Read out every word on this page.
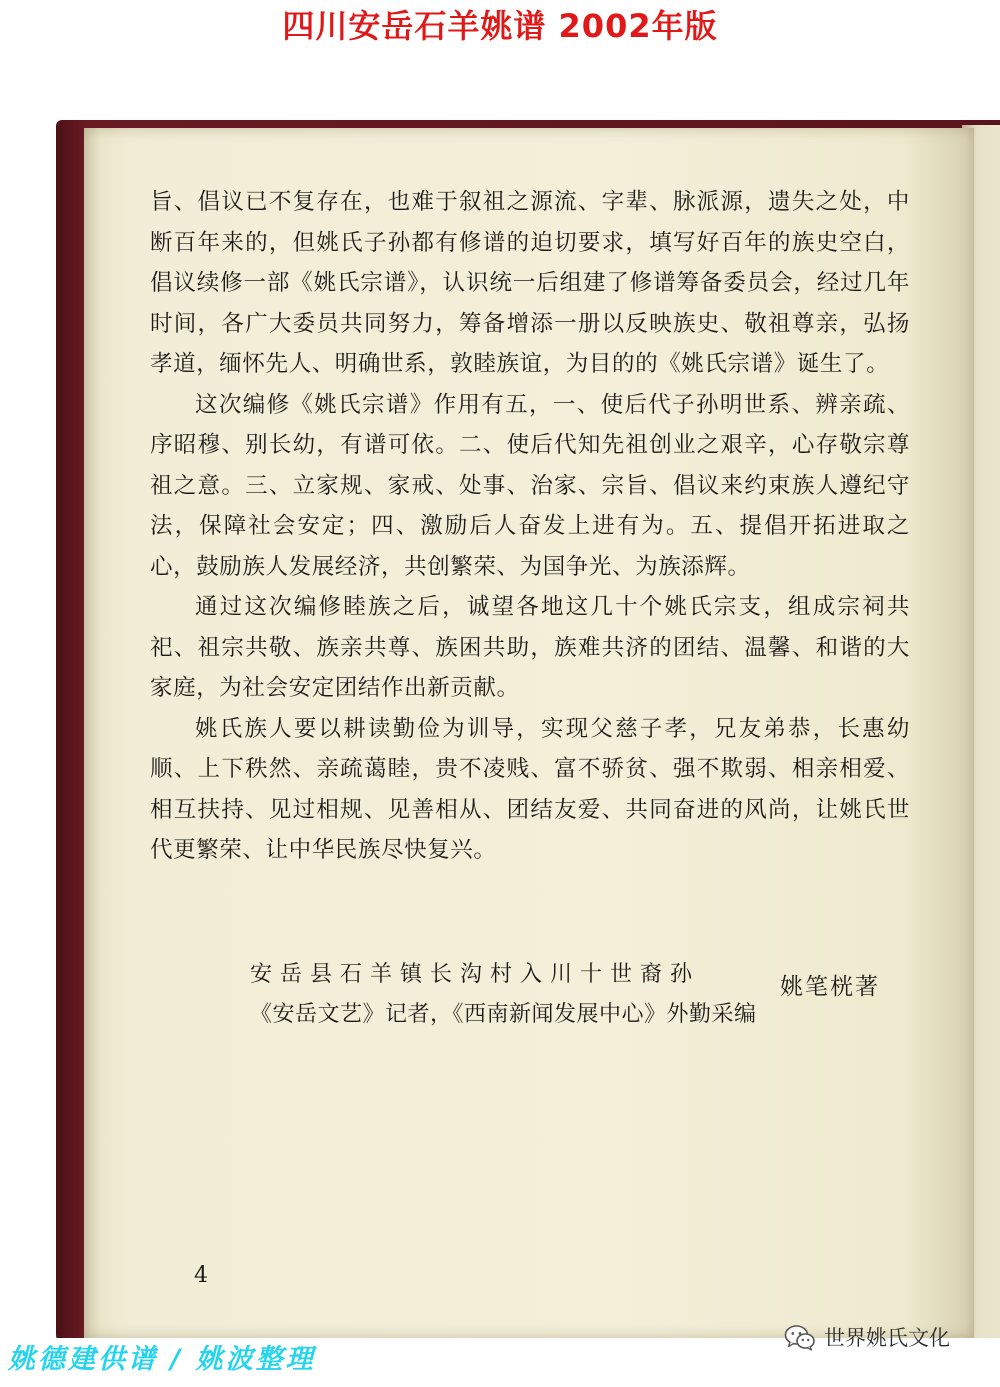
四川安岳石羊姚谱 2002年版

旨、倡议已不复存在，也难于叙祖之源流、字辈、脉派源，遗失之处，中断百年来的，但姚氏子孙都有修谱的迫切要求，填写好百年的族史空白，倡议续修一部《姚氏宗谱》，认识统一后组建了修谱筹备委员会，经过几年时间，各广大委员共同努力，筹备增添一册以反映族史、敬祖尊亲，弘扬孝道，缅怀先人、明确世系，敦睦族谊，为目的的《姚氏宗谱》诞生了。

这次编修《姚氏宗谱》作用有五，一、使后代子孙明世系、辨亲疏、序昭穆、别长幼，有谱可依。二、使后代知先祖创业之艰辛，心存敬宗尊祖之意。三、立家规、家戒、处事、治家、宗旨、倡议来约束族人遵纪守法，保障社会安定；四、激励后人奋发上进有为。五、提倡开拓进取之心，鼓励族人发展经济，共创繁荣、为国争光、为族添辉。

通过这次编修睦族之后，诚望各地这几十个姚氏宗支，组成宗祠共祀、祖宗共敬、族亲共尊、族困共助，族难共济的团结、温馨、和谐的大家庭，为社会安定团结作出新贡献。

姚氏族人要以耕读勤俭为训导，实现父慈子孝，兄友弟恭，长惠幼顺、上下秩然、亲疏蔼睦，贵不凌贱、富不骄贫、强不欺弱、相亲相爱、相互扶持、见过相规、见善相从、团结友爱、共同奋进的风尚，让姚氏世代更繁荣、让中华民族尽快复兴。

安岳县石羊镇长沟村入川十世裔孙
《安岳文艺》记者，《西南新闻发展中心》外勤采编
姚笔桄著
4
姚德建供谱 / 姚波整理
世界姚氏文化
